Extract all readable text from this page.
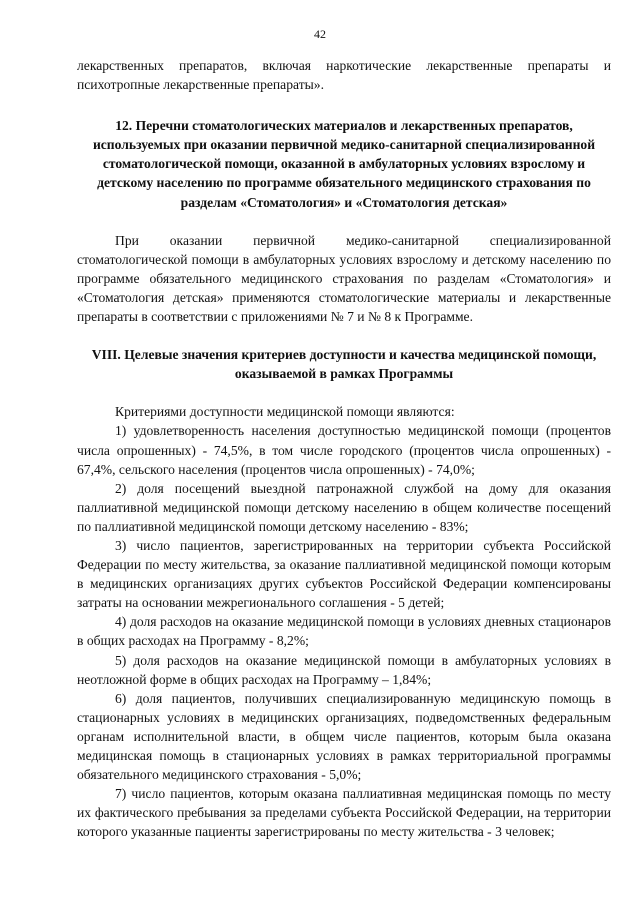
42

лекарственных препаратов, включая наркотические лекарственные препараты и психотропные лекарственные препараты».

12. Перечни стоматологических материалов и лекарственных препаратов, используемых при оказании первичной медико-санитарной специализированной стоматологической помощи, оказанной в амбулаторных условиях взрослому и детскому населению по программе обязательного медицинского страхования по разделам «Стоматология» и «Стоматология детская»

При оказании первичной медико-санитарной специализированной стоматологической помощи в амбулаторных условиях взрослому и детскому населению по программе обязательного медицинского страхования по разделам «Стоматология» и «Стоматология детская» применяются стоматологические материалы и лекарственные препараты в соответствии с приложениями № 7 и № 8 к Программе.

VIII. Целевые значения критериев доступности и качества медицинской помощи, оказываемой в рамках Программы

Критериями доступности медицинской помощи являются:

1) удовлетворенность населения доступностью медицинской помощи (процентов числа опрошенных) - 74,5%, в том числе городского (процентов числа опрошенных) - 67,4%, сельского населения (процентов числа опрошенных) - 74,0%;

2) доля посещений выездной патронажной службой на дому для оказания паллиативной медицинской помощи детскому населению в общем количестве посещений по паллиативной медицинской помощи детскому населению - 83%;

3) число пациентов, зарегистрированных на территории субъекта Российской Федерации по месту жительства, за оказание паллиативной медицинской помощи которым в медицинских организациях других субъектов Российской Федерации компенсированы затраты на основании межрегионального соглашения - 5 детей;

4) доля расходов на оказание медицинской помощи в условиях дневных стационаров в общих расходах на Программу - 8,2%;

5) доля расходов на оказание медицинской помощи в амбулаторных условиях в неотложной форме в общих расходах на Программу – 1,84%;

6) доля пациентов, получивших специализированную медицинскую помощь в стационарных условиях в медицинских организациях, подведомственных федеральным органам исполнительной власти, в общем числе пациентов, которым была оказана медицинская помощь в стационарных условиях в рамках территориальной программы обязательного медицинского страхования - 5,0%;

7) число пациентов, которым оказана паллиативная медицинская помощь по месту их фактического пребывания за пределами субъекта Российской Федерации, на территории которого указанные пациенты зарегистрированы по месту жительства - 3 человек;
